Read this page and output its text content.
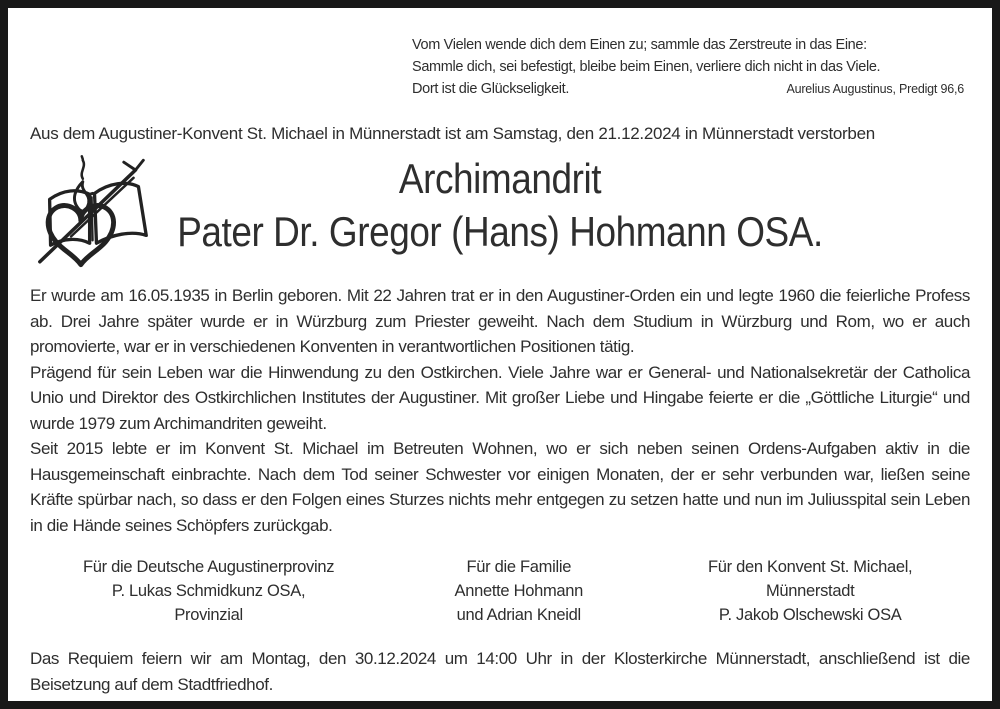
Vom Vielen wende dich dem Einen zu; sammle das Zerstreute in das Eine:
Sammle dich, sei befestigt, bleibe beim Einen, verliere dich nicht in das Viele.
Dort ist die Glückseligkeit.	Aurelius Augustinus, Predigt 96,6
Aus dem Augustiner-Konvent St. Michael in Münnerstadt ist am Samstag, den 21.12.2024 in Münnerstadt verstorben
Archimandrit
Pater Dr. Gregor (Hans) Hohmann OSA.

Er wurde am 16.05.1935 in Berlin geboren. Mit 22 Jahren trat er in den Augustiner-Orden ein und legte 1960 die feierliche Profess ab. Drei Jahre später wurde er in Würzburg zum Priester geweiht. Nach dem Studium in Würzburg und Rom, wo er auch promovierte, war er in verschiedenen Konventen in verantwortlichen Positionen tätig.

Prägend für sein Leben war die Hinwendung zu den Ostkirchen. Viele Jahre war er General- und Nationalsekretär der Catholica Unio und Direktor des Ostkirchlichen Institutes der Augustiner. Mit großer Liebe und Hingabe feierte er die „Göttliche Liturgie“ und wurde 1979 zum Archimandriten geweiht.

Seit 2015 lebte er im Konvent St. Michael im Betreuten Wohnen, wo er sich neben seinen Ordens-Aufgaben aktiv in die Hausgemeinschaft einbrachte. Nach dem Tod seiner Schwester vor einigen Monaten, der er sehr verbunden war, ließen seine Kräfte spürbar nach, so dass er den Folgen eines Sturzes nichts mehr entgegen zu setzen hatte und nun im Juliusspital sein Leben in die Hände seines Schöpfers zurückgab.

Für die Deutsche Augustinerprovinz
P. Lukas Schmidkunz OSA,
Provinzial
Für die Familie
Annette Hohmann
und Adrian Kneidl
Für den Konvent St. Michael,
Münnerstadt
P. Jakob Olschewski OSA
Das Requiem feiern wir am Montag, den 30.12.2024 um 14:00 Uhr in der Klosterkirche Münnerstadt, anschließend ist die Beisetzung auf dem Stadtfriedhof.
